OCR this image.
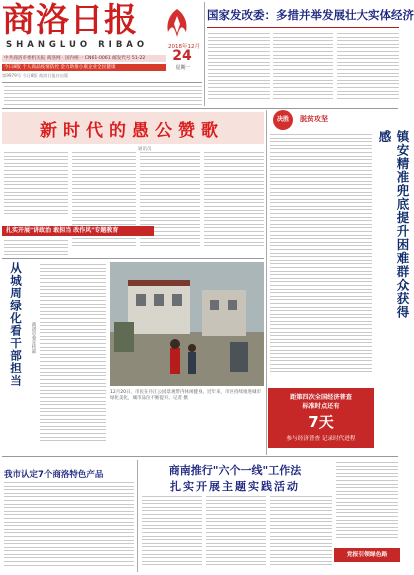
商洛日报
SHANGLUO RIBAO	2018年12月
24
星期一
中共商洛市委机关报 商洛网 · 国内统一 CN61-0061 邮发代号 51-22
今日8版 个人商品疫情防控 金力助推小康企业全民健康
第9979号 今日8版 商洛日报社出版
国家发改委：多措并举发展壮大实体经济
新时代的愚公赞歌
通讯员
扎实开展"讲政治 敢担当 改作风"专题教育
决胜	脱贫攻坚
镇安精准兜底提升困难群众获得感
距第四次全国经济普查
标准时点还有
7天
参与经济普查 记录时代进程
从城周绿化看干部担当 商洛市委宣传部
12月20日，市民在丹江公园景观带内休闲健身。近年来，市区持续推进城市绿化美化，城市品位不断提升。记者 摄
我市认定7个商洛特色产品	商南推行"六个一线"工作法
扎实开展主题实践活动
党报引领绿色路
